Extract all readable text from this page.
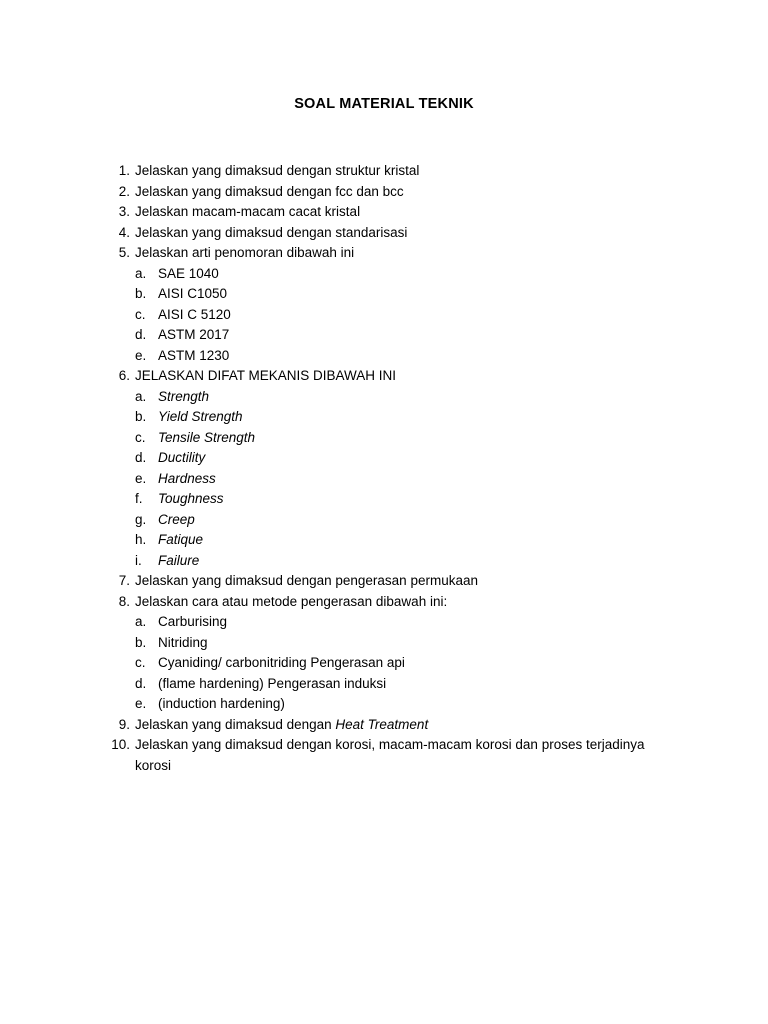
SOAL MATERIAL TEKNIK
1. Jelaskan yang dimaksud dengan struktur kristal
2. Jelaskan yang dimaksud dengan fcc dan bcc
3. Jelaskan macam-macam cacat kristal
4. Jelaskan yang dimaksud dengan standarisasi
5. Jelaskan arti penomoran dibawah ini
a. SAE 1040
b. AISI C1050
c. AISI C 5120
d. ASTM 2017
e. ASTM 1230
6. JELASKAN DIFAT MEKANIS DIBAWAH INI
a. Strength
b. Yield Strength
c. Tensile Strength
d. Ductility
e. Hardness
f. Toughness
g. Creep
h. Fatique
i. Failure
7. Jelaskan yang dimaksud dengan pengerasan permukaan
8. Jelaskan cara atau metode pengerasan dibawah ini:
a. Carburising
b. Nitriding
c. Cyaniding/ carbonitriding Pengerasan api
d. (flame hardening) Pengerasan induksi
e. (induction hardening)
9. Jelaskan yang dimaksud dengan Heat Treatment
10. Jelaskan yang dimaksud dengan korosi, macam-macam korosi dan proses terjadinya
korosi
